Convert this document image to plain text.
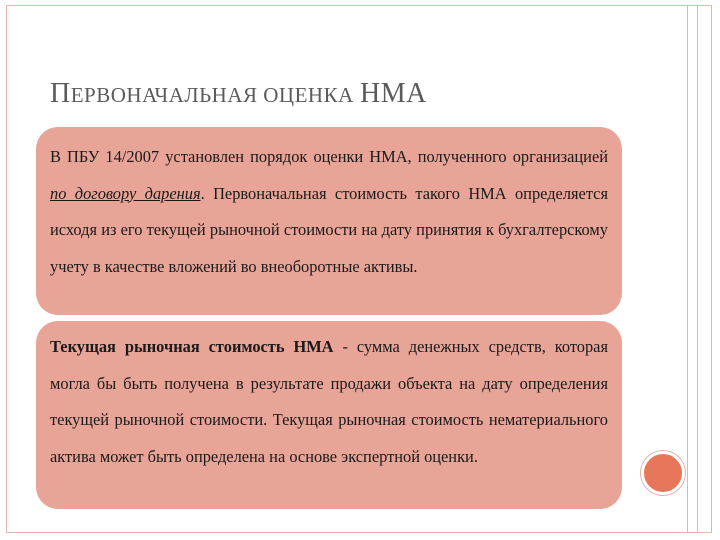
ПЕРВОНАЧАЛЬНАЯ ОЦЕНКА НМА
В ПБУ 14/2007 установлен порядок оценки НМА, полученного организацией по договору дарения. Первоначальная стоимость такого НМА определяется исходя из его текущей рыночной стоимости на дату принятия к бухгалтерскому учету в качестве вложений во внеоборотные активы.
Текущая рыночная стоимость НМА - сумма денежных средств, которая могла бы быть получена в результате продажи объекта на дату определения текущей рыночной стоимости. Текущая рыночная стоимость нематериального актива может быть определена на основе экспертной оценки.
